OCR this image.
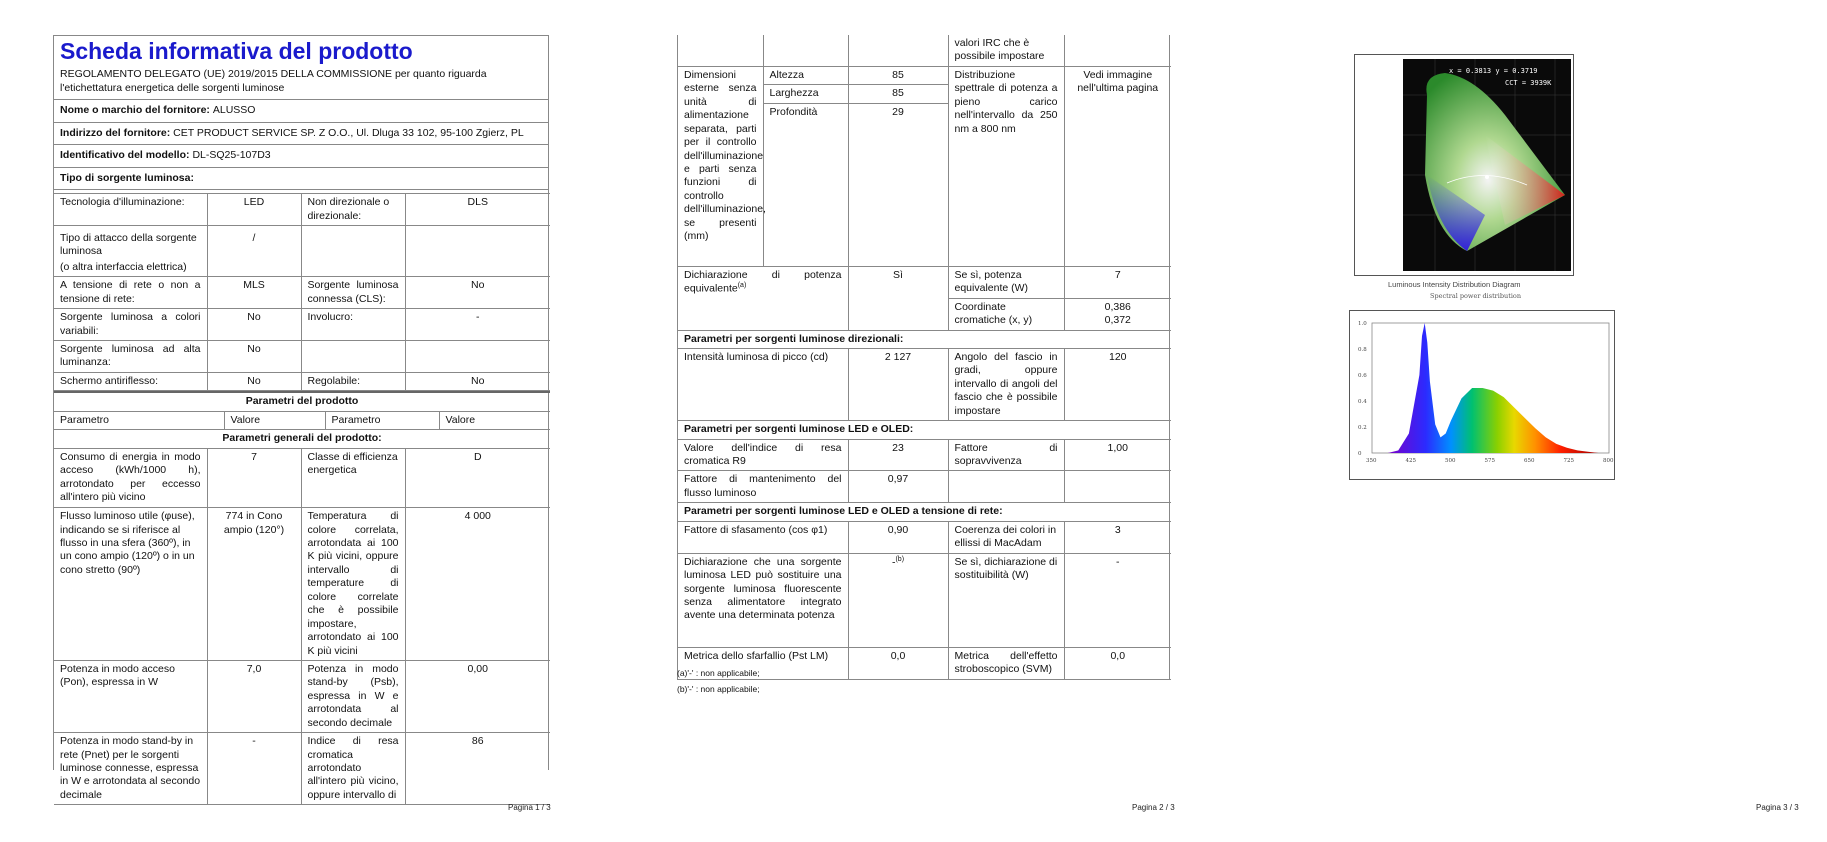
Scheda informativa del prodotto
REGOLAMENTO DELEGATO (UE) 2019/2015 DELLA COMMISSIONE per quanto riguarda l'etichettatura energetica delle sorgenti luminose
Nome o marchio del fornitore: ALUSSO
Indirizzo del fornitore: CET PRODUCT SERVICE SP. Z O.O., Ul. Dluga 33 102, 95-100 Zgierz, PL
Identificativo del modello: DL-SQ25-107D3
Tipo di sorgente luminosa:
Tecnologia d'illuminazione:	LED	Non direzionale o direzionale:	DLS

Tipo di attacco della sorgente luminosa
(o altra interfaccia elettrica)	/		
A tensione di rete o non a tensione di rete:	MLS	Sorgente luminosa connessa (CLS):	No
Sorgente luminosa a colori variabili:	No	Involucro:	-
Sorgente luminosa ad alta luminanza:	No		
Schermo antiriflesso:	No	Regolabile:	No
Parametri del prodotto
Parametro	Valore	Parametro	Valore
Parametri generali del prodotto:
Consumo di energia in modo acceso (kWh/1000 h), arrotondato per eccesso all'intero più vicino	7	Classe di efficienza energetica	D
Flusso luminoso utile (φuse), indicando se si riferisce al flusso in una sfera (360º), in un cono ampio (120º) o in un cono stretto (90º)	774 in Cono ampio (120°)	Temperatura di colore correlata, arrotondata ai 100 K più vicini, oppure intervallo di temperature di colore correlate che è possibile impostare, arrotondato ai 100 K più vicini	4 000
Potenza in modo acceso (Pon), espressa in W	7,0	Potenza in modo stand-by (Psb), espressa in W e arrotondata al secondo decimale	0,00
Potenza in modo stand-by in rete (Pnet) per le sorgenti luminose connesse, espressa in W e arrotondata al secondo decimale	-	Indice di resa cromatica arrotondato all'intero più vicino, oppure intervallo di	86
Pagina 1 / 3
			valori IRC che è possibile impostare	
Dimensioni esterne senza unità di alimentazione separata, parti per il controllo dell'illuminazione e parti senza funzioni di controllo dell'illuminazione, se presenti (mm)	Altezza	85	Distribuzione spettrale di potenza a pieno carico nell'intervallo da 250 nm a 800 nm	Vedi immagine nell'ultima pagina
	Larghezza	85		
	Profondità	29		
Dichiarazione di potenza equivalente$^{(a)}$		Sì	Se sì, potenza equivalente (W)	7
			Coordinate cromatiche (x, y)	0,386
0,372

Parametri per sorgenti luminose direzionali:				
Intensità luminosa di picco (cd)		2 127	Angolo del fascio in gradi, oppure intervallo di angoli del fascio che è possibile impostare	120
Parametri per sorgenti luminose LED e OLED:				
Valore dell'indice di resa cromatica R9		23	Fattore di sopravvivenza	1,00
Fattore di mantenimento del flusso luminoso		0,97		
Parametri per sorgenti luminose LED e OLED a tensione di rete:				
Fattore di sfasamento (cos φ1)		0,90	Coerenza dei colori in ellissi di MacAdam	3
Dichiarazione che una sorgente luminosa LED può sostituire una sorgente luminosa fluorescente senza alimentatore integrato avente una determinata potenza		-$^{(b)}$	Se sì, dichiarazione di sostituibilità (W)	-
Metrica dello sfarfallio (Pst LM)		0,0	Metrica dell'effetto stroboscopico (SVM)	0,0
(a)'-' : non applicabile;
(b)'-' : non applicabile;
Pagina 2 / 3
x = 0.3813 y = 0.3719
CCT = 3939K
Luminous Intensity Distribution Diagram
Spectral power distribution
1.0
0.8
0.6
0.4
0.2
0
350	425	500	575	650	725	800
Pagina 3 / 3
